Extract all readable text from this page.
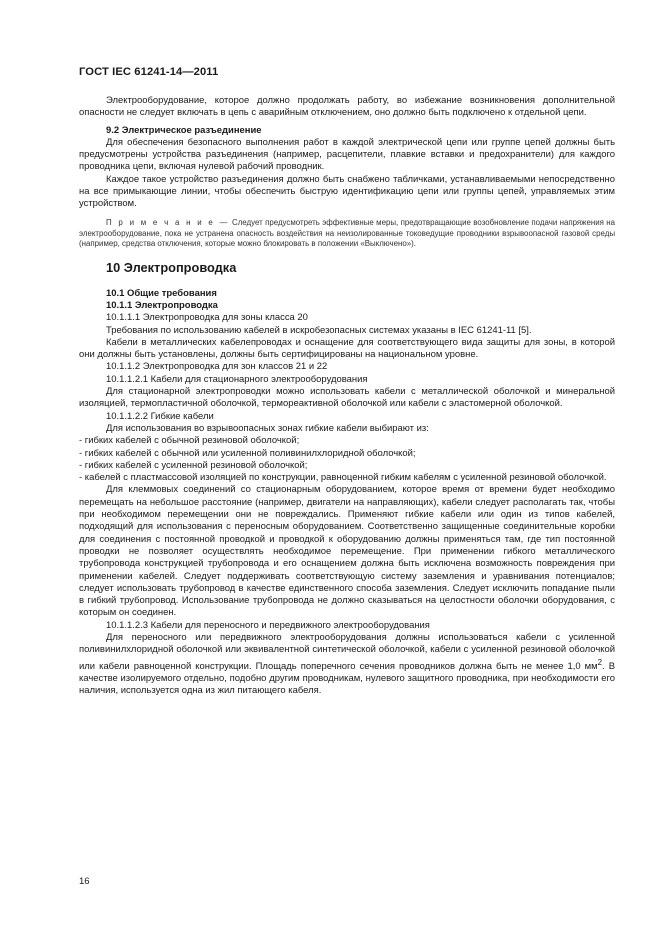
ГОСТ IEC 61241-14—2011

Электрооборудование, которое должно продолжать работу, во избежание возникновения дополнительной опасности не следует включать в цепь с аварийным отключением, оно должно быть подключено к отдельной цепи.

9.2 Электрическое разъединение

Для обеспечения безопасного выполнения работ в каждой электрической цепи или группе цепей должны быть предусмотрены устройства разъединения (например, расцепители, плавкие вставки и предохранители) для каждого проводника цепи, включая нулевой рабочий проводник.

Каждое такое устройство разъединения должно быть снабжено табличками, устанавливаемыми непосредственно на все примыкающие линии, чтобы обеспечить быструю идентификацию цепи или группы цепей, управляемых этим устройством.

П р и м е ч а н и е — Следует предусмотреть эффективные меры, предотвращающие возобновление подачи напряжения на электрооборудование, пока не устранена опасность воздействия на неизолированные токоведущие проводники взрывоопасной газовой среды (например, средства отключения, которые можно блокировать в положении «Выключено»).

10 Электропроводка

10.1 Общие требования

10.1.1 Электропроводка

10.1.1.1 Электропроводка для зоны класса 20

Требования по использованию кабелей в искробезопасных системах указаны в IEC 61241-11 [5].

Кабели в металлических кабелепроводах и оснащение для соответствующего вида защиты для зоны, в которой они должны быть установлены, должны быть сертифицированы на национальном уровне.

10.1.1.2 Электропроводка для зон классов 21 и 22

10.1.1.2.1 Кабели для стационарного электрооборудования

Для стационарной электропроводки можно использовать кабели с металлической оболочкой и минеральной изоляцией, термопластичной оболочкой, термореактивной оболочкой или кабели с эластомерной оболочкой.

10.1.1.2.2 Гибкие кабели

Для использования во взрывоопасных зонах гибкие кабели выбирают из:

- гибких кабелей с обычной резиновой оболочкой;

- гибких кабелей с обычной или усиленной поливинилхлоридной оболочкой;

- гибких кабелей с усиленной резиновой оболочкой;

- кабелей с пластмассовой изоляцией по конструкции, равноценной гибким кабелям с усиленной резиновой оболочкой.

Для клеммовых соединений со стационарным оборудованием, которое время от времени будет необходимо перемещать на небольшое расстояние (например, двигатели на направляющих), кабели следует располагать так, чтобы при необходимом перемещении они не повреждались. Применяют гибкие кабели или один из типов кабелей, подходящий для использования с переносным оборудованием. Соответственно защищенные соединительные коробки для соединения с постоянной проводкой и проводкой к оборудованию должны применяться там, где тип постоянной проводки не позволяет осуществлять необходимое перемещение. При применении гибкого металлического трубопровода конструкцией трубопровода и его оснащением должна быть исключена возможность повреждения при применении кабелей. Следует поддерживать соответствующую систему заземления и уравнивания потенциалов; следует использовать трубопровод в качестве единственного способа заземления. Следует исключить попадание пыли в гибкий трубопровод. Использование трубопровода не должно сказываться на целостности оболочки оборудования, с которым он соединен.

10.1.1.2.3 Кабели для переносного и передвижного электрооборудования

Для переносного или передвижного электрооборудования должны использоваться кабели с усиленной поливинилхлоридной оболочкой или эквивалентной синтетической оболочкой, кабели с усиленной резиновой оболочкой или кабели равноценной конструкции. Площадь поперечного сечения проводников должна быть не менее 1,0 $мм^2$. В качестве изолируемого отдельно, подобно другим проводникам, нулевого защитного проводника, при необходимости его наличия, используется одна из жил питающего кабеля.

16
